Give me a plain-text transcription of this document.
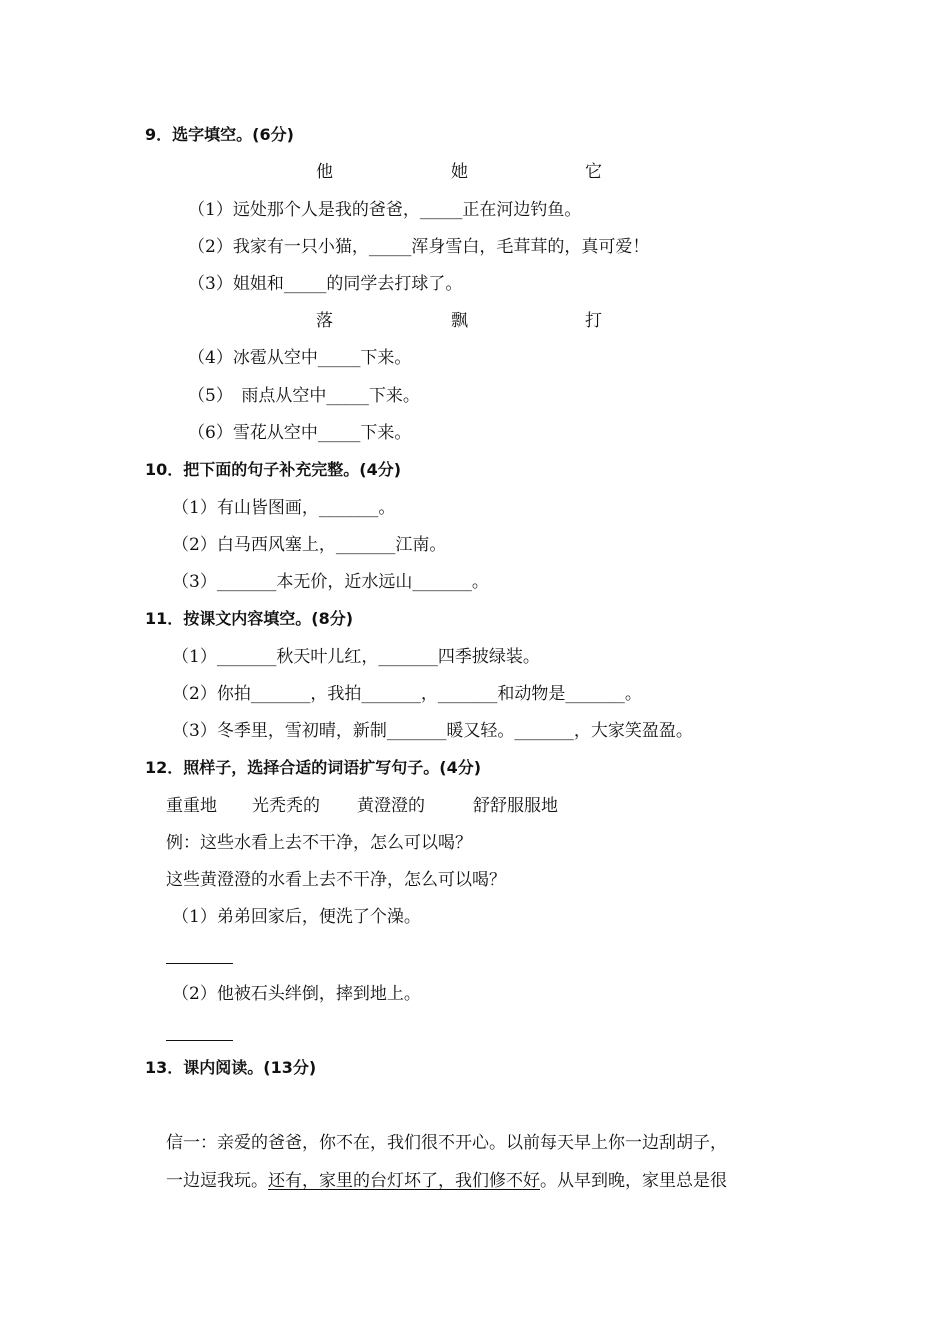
9．选字填空。(6分)
他	她	它
（1）远处那个人是我的爸爸，_____正在河边钓鱼。
（2）我家有一只小猫，_____浑身雪白，毛茸茸的，真可爱！
（3）姐姐和_____的同学去打球了。
落	飘	打
（4）冰雹从空中_____下来。
（5）　雨点从空中_____下来。
（6）雪花从空中_____下来。
10．把下面的句子补充完整。(4分)
（1）有山皆图画，_______。
（2）白马西风塞上，_______江南。
（3）_______本无价，近水远山_______。
11．按课文内容填空。(8分)
（1）_______秋天叶儿红，_______四季披绿装。
（2）你拍_______，我拍_______，_______和动物是_______。
（3）冬季里，雪初晴，新制_______暖又轻。_______，大家笑盈盈。
12．照样子，选择合适的词语扩写句子。(4分)
重重地 光秃秃的 黄澄澄的	舒舒服服地
例：这些水看上去不干净，怎么可以喝？
这些黄澄澄的水看上去不干净，怎么可以喝？
（1）弟弟回家后，便洗了个澡。
（2）他被石头绊倒，摔到地上。
13．课内阅读。(13分)
信一：亲爱的爸爸，你不在，我们很不开心。以前每天早上你一边刮胡子，
一边逗我玩。还有，家里的台灯坏了，我们修不好。从早到晚，家里总是很
